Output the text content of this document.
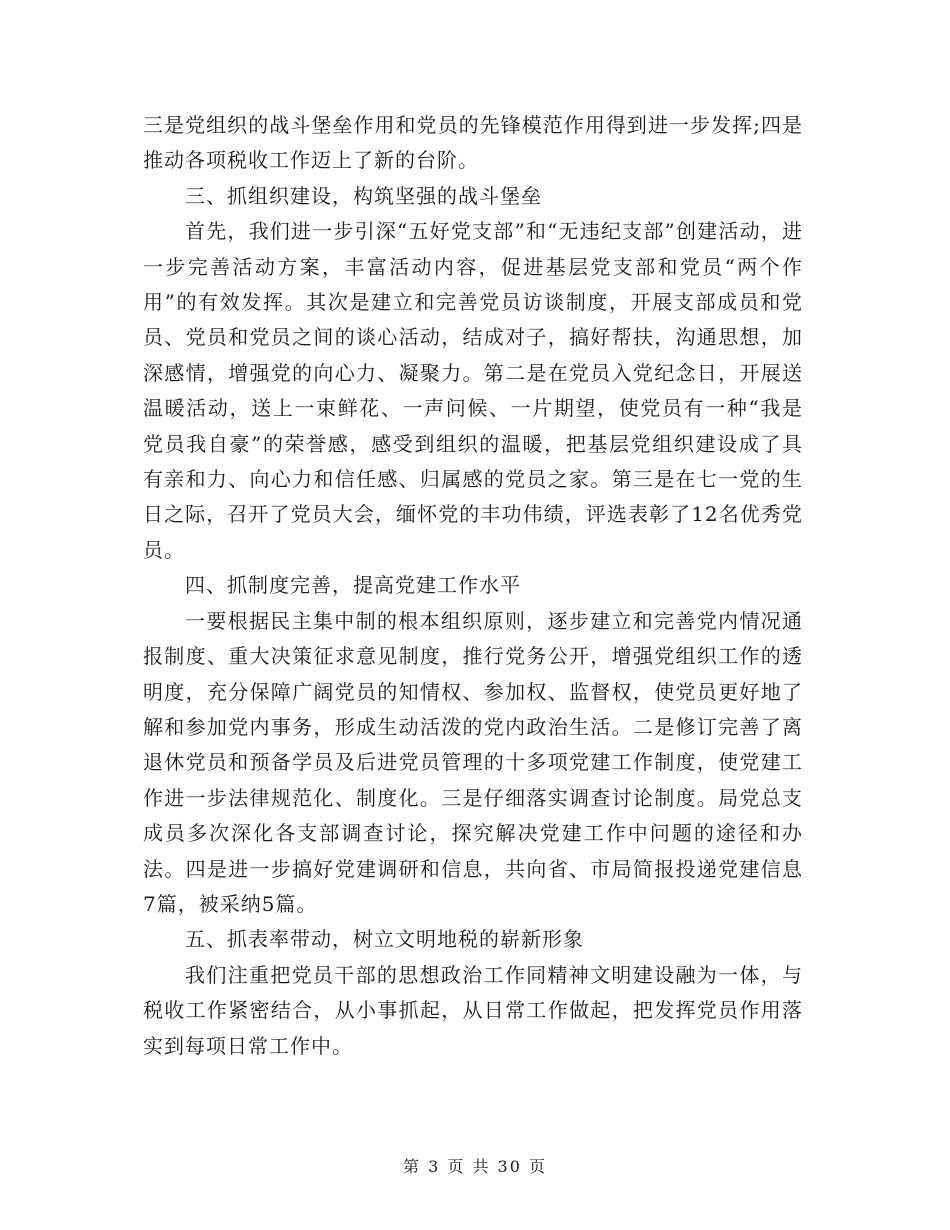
三是党组织的战斗堡垒作用和党员的先锋模范作用得到进一步发挥;四是推动各项税收工作迈上了新的台阶。

三、抓组织建设，构筑坚强的战斗堡垒

首先，我们进一步引深“五好党支部”和“无违纪支部”创建活动，进一步完善活动方案，丰富活动内容，促进基层党支部和党员“两个作用”的有效发挥。其次是建立和完善党员访谈制度，开展支部成员和党员、党员和党员之间的谈心活动，结成对子，搞好帮扶，沟通思想，加深感情，增强党的向心力、凝聚力。第二是在党员入党纪念日，开展送温暖活动，送上一束鲜花、一声问候、一片期望，使党员有一种“我是党员我自豪”的荣誉感，感受到组织的温暖，把基层党组织建设成了具有亲和力、向心力和信任感、归属感的党员之家。第三是在七一党的生日之际，召开了党员大会，缅怀党的丰功伟绩，评选表彰了12名优秀党员。

四、抓制度完善，提高党建工作水平

一要根据民主集中制的根本组织原则，逐步建立和完善党内情况通报制度、重大决策征求意见制度，推行党务公开，增强党组织工作的透明度，充分保障广阔党员的知情权、参加权、监督权，使党员更好地了解和参加党内事务，形成生动活泼的党内政治生活。二是修订完善了离退休党员和预备学员及后进党员管理的十多项党建工作制度，使党建工作进一步法律规范化、制度化。三是仔细落实调查讨论制度。局党总支成员多次深化各支部调查讨论，探究解决党建工作中问题的途径和办法。四是进一步搞好党建调研和信息，共向省、市局简报投递党建信息7篇，被采纳5篇。

五、抓表率带动，树立文明地税的崭新形象

我们注重把党员干部的思想政治工作同精神文明建设融为一体，与税收工作紧密结合，从小事抓起，从日常工作做起，把发挥党员作用落实到每项日常工作中。

第 3 页 共 30 页
